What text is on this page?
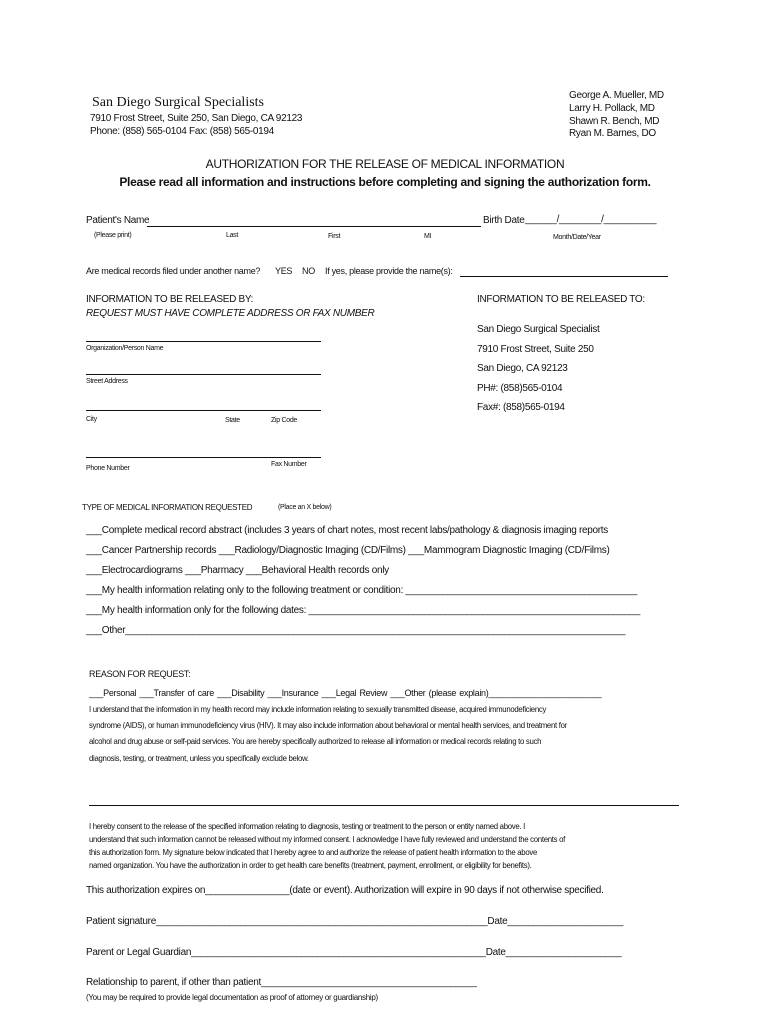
San Diego Surgical Specialists
7910 Frost Street, Suite 250, San Diego, CA 92123
Phone: (858) 565-0104 Fax: (858) 565-0194
George A. Mueller, MD
Larry H. Pollack, MD
Shawn R. Bench, MD
Ryan M. Barnes, DO
AUTHORIZATION FOR THE RELEASE OF MEDICAL INFORMATION
Please read all information and instructions before completing and signing the authorization form.
Patient's Name	Birth Date ______/________/__________
(Please print)	Last	First	MI	Month/Date/Year
Are medical records filed under another name? YES NO If yes, please provide the name(s):
INFORMATION TO BE RELEASED BY:
REQUEST MUST HAVE COMPLETE ADDRESS OR FAX NUMBER
Organization/Person Name
Street Address
City	State	Zip Code
Fax Number
Phone Number
INFORMATION TO BE RELEASED TO:
San Diego Surgical Specialist
7910 Frost Street, Suite 250
San Diego, CA 92123
PH#: (858)565-0104
Fax#: (858)565-0194
TYPE OF MEDICAL INFORMATION REQUESTED	(Place an X below)
___Complete medical record abstract (includes 3 years of chart notes, most recent labs/pathology & diagnosis imaging reports
___Cancer Partnership records ___Radiology/Diagnostic Imaging (CD/Films) ___Mammogram Diagnostic Imaging (CD/Films)
___Electrocardiograms ___Pharmacy ___Behavioral Health records only
___My health information relating only to the following treatment or condition: ____________________________________________
___My health information only for the following dates: _______________________________________________________________
___Other_______________________________________________________________________________________________
REASON FOR REQUEST:
___Personal ___Transfer of care ___Disability ___Insurance ___Legal Review ___Other (please explain)________________________
I understand that the information in my health record may include information relating to sexually transmitted disease, acquired immunodeficiency
syndrome (AIDS), or human immunodeficiency virus (HIV). It may also include information about behavioral or mental health services, and treatment for
alcohol and drug abuse or self-paid services. You are hereby specifically authorized to release all information or medical records relating to such
diagnosis, testing, or treatment, unless you specifically exclude below.
I hereby consent to the release of the specified information relating to diagnosis, testing or treatment to the person or entity named above. I
understand that such information cannot be released without my informed consent. I acknowledge I have fully reviewed and understand the contents of
this authorization form. My signature below indicated that I hereby agree to and authorize the release of patient health information to the above
named organization. You have the authorization in order to get health care benefits (treatment, payment, enrollment, or eligibility for benefits).
This authorization expires on________________(date or event). Authorization will expire in 90 days if not otherwise specified.
Patient signature_______________________________________________________________Date______________________
Parent or Legal Guardian________________________________________________________Date______________________
Relationship to parent, if other than patient_________________________________________
(You may be required to provide legal documentation as proof of attorney or guardianship)
